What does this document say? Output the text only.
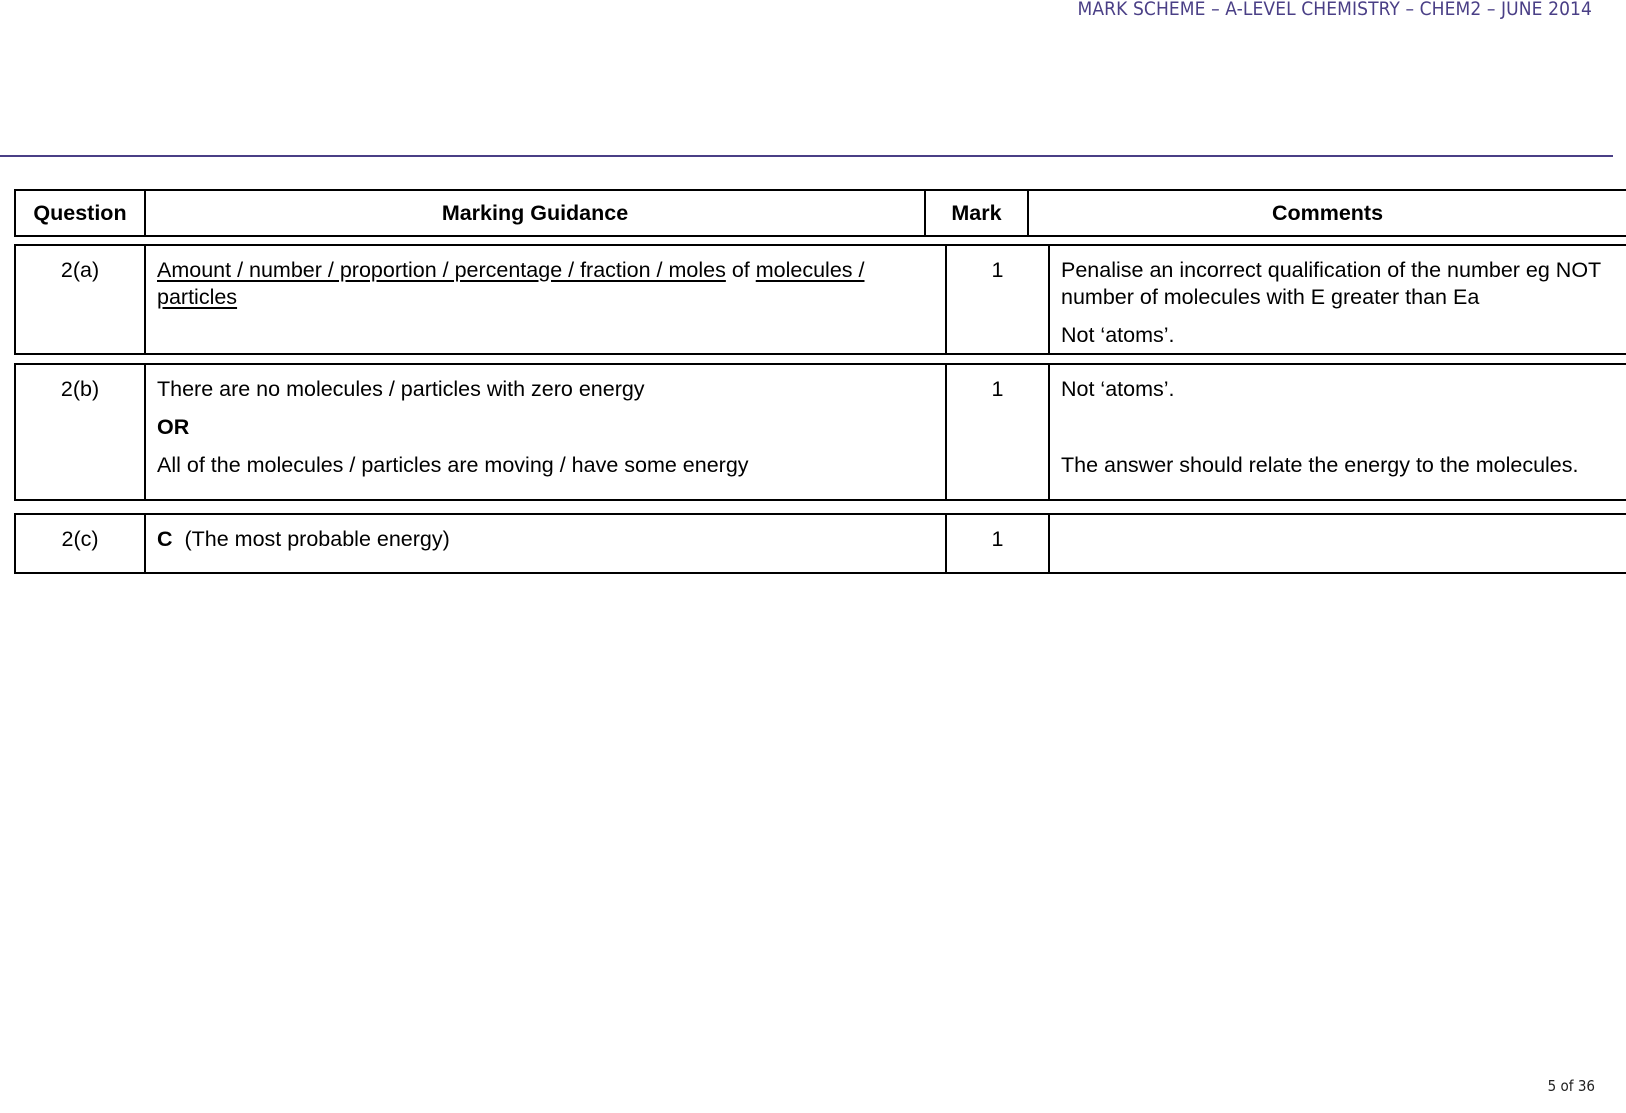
MARK SCHEME – A-LEVEL CHEMISTRY – CHEM2 – JUNE 2014
Question	Marking Guidance	Mark	Comments
2(a)	Amount / number / proportion / percentage / fraction / moles of molecules / particles	1	Penalise an incorrect qualification of the number eg NOT number of molecules with E greater than Ea
Not ‘atoms’.
2(b)	There are no molecules / particles with zero energy
OR
All of the molecules / particles are moving / have some energy
	1	Not ‘atoms’.
The answer should relate the energy to the molecules.
2(c)	C  (The most probable energy)	1	
5 of 36
